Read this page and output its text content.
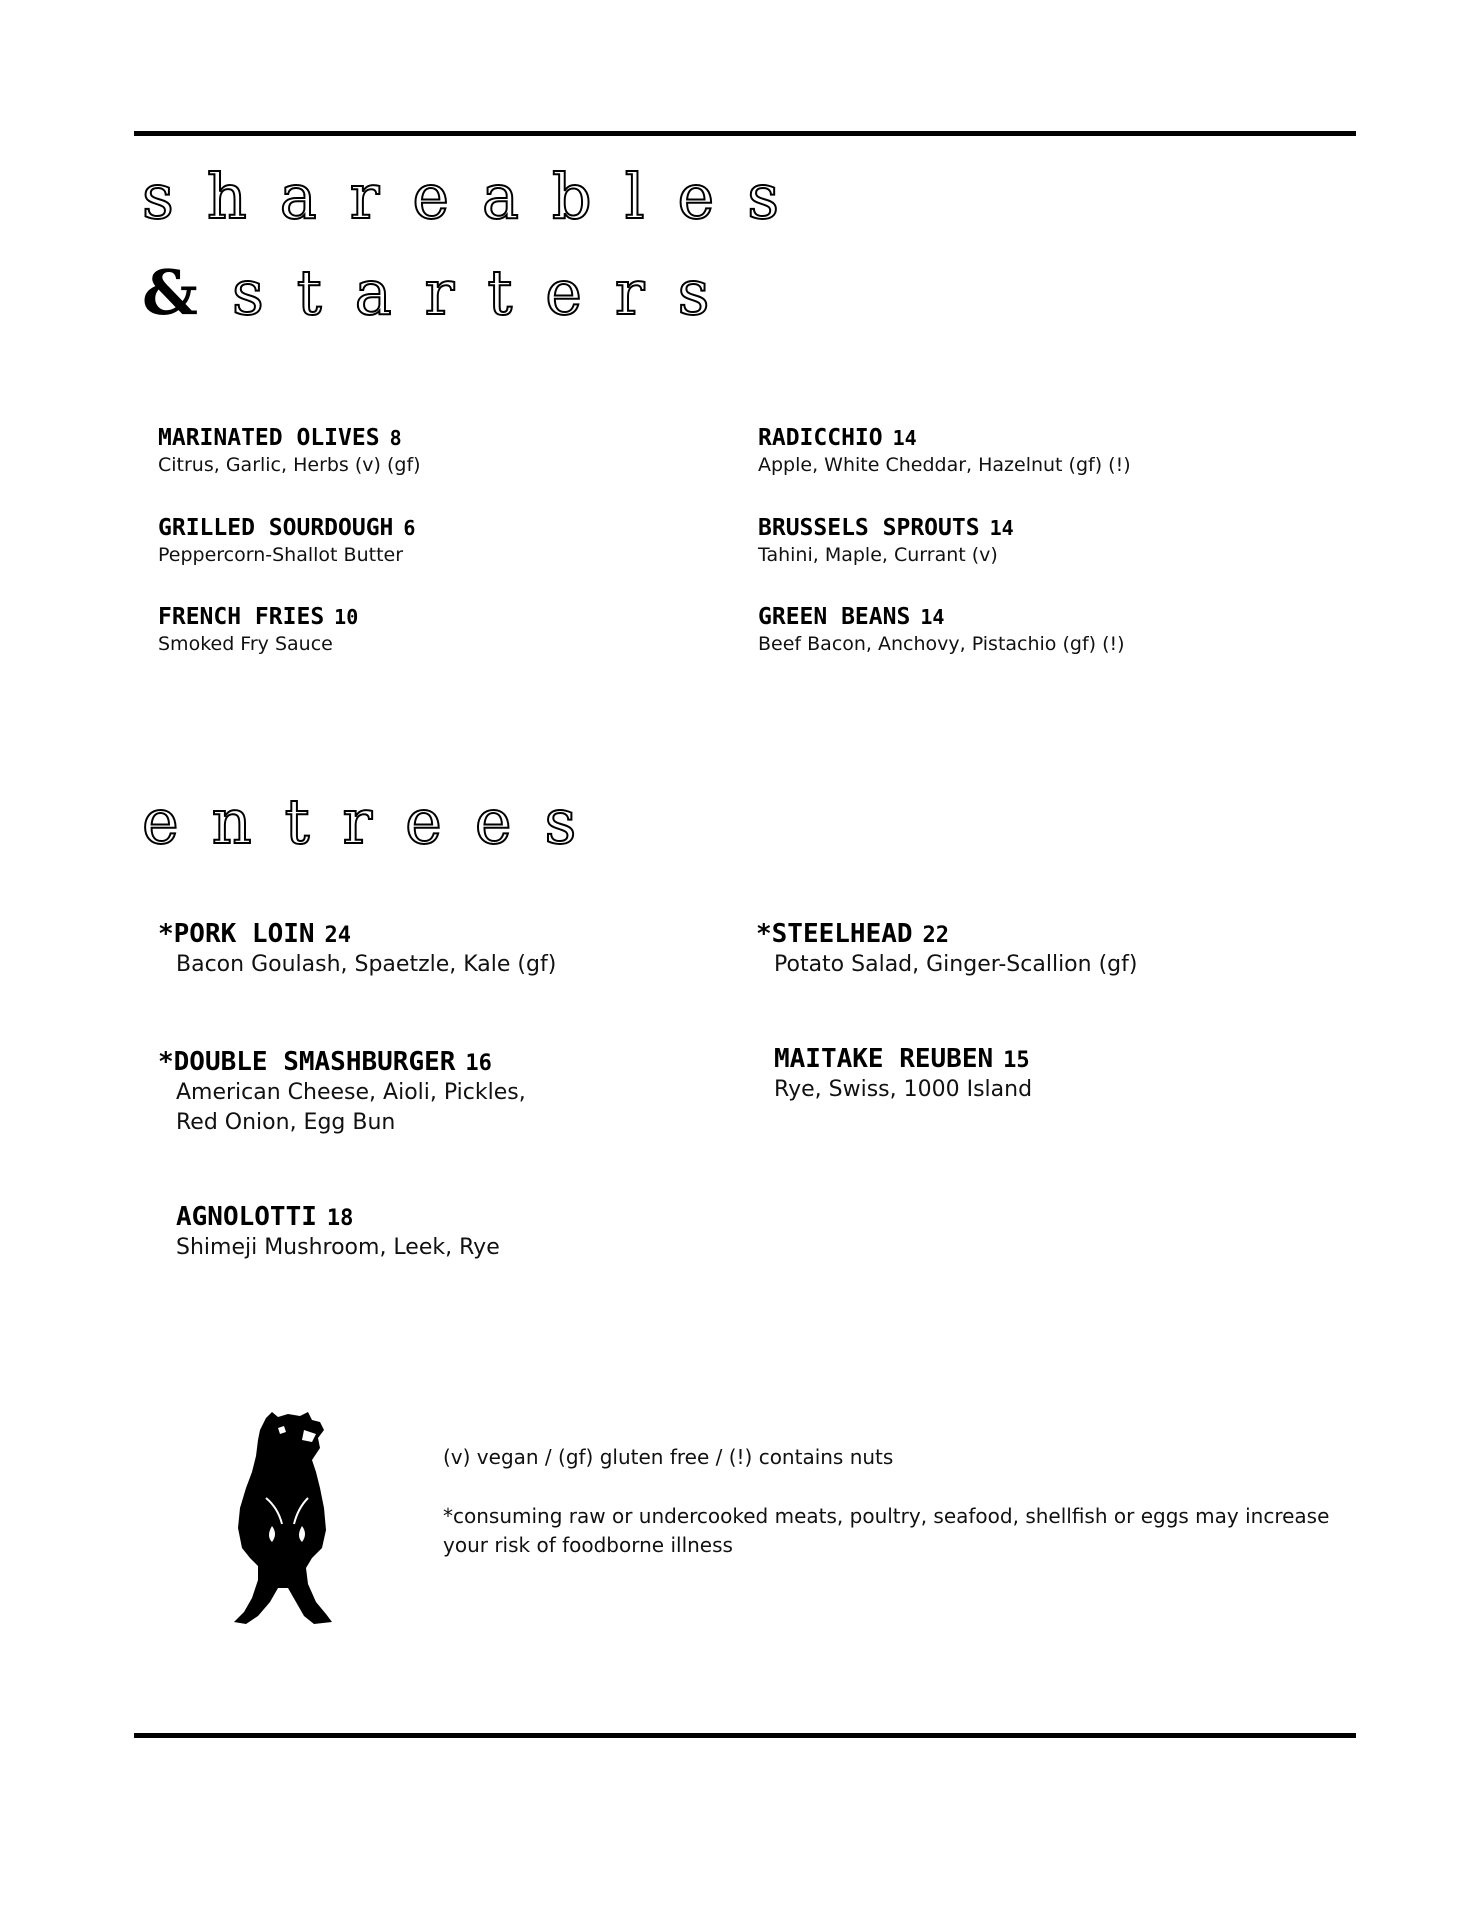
shareables
& starters
MARINATED OLIVES 8
Citrus, Garlic, Herbs (v) (gf)
GRILLED SOURDOUGH 6
Peppercorn-Shallot Butter
FRENCH FRIES 10
Smoked Fry Sauce
RADICCHIO 14
Apple, White Cheddar, Hazelnut (gf) (!)
BRUSSELS SPROUTS 14
Tahini, Maple, Currant (v)
GREEN BEANS 14
Beef Bacon, Anchovy, Pistachio (gf) (!)
entrees
*PORK LOIN 24
Bacon Goulash, Spaetzle, Kale (gf)
*DOUBLE SMASHBURGER 16
American Cheese, Aioli, Pickles,
Red Onion, Egg Bun
AGNOLOTTI 18
Shimeji Mushroom, Leek, Rye
*STEELHEAD 22
Potato Salad, Ginger-Scallion (gf)
MAITAKE REUBEN 15
Rye, Swiss, 1000 Island
(v) vegan / (gf) gluten free / (!) contains nuts
*consuming raw or undercooked meats, poultry, seafood, shellfish or eggs may increase
your risk of foodborne illness
